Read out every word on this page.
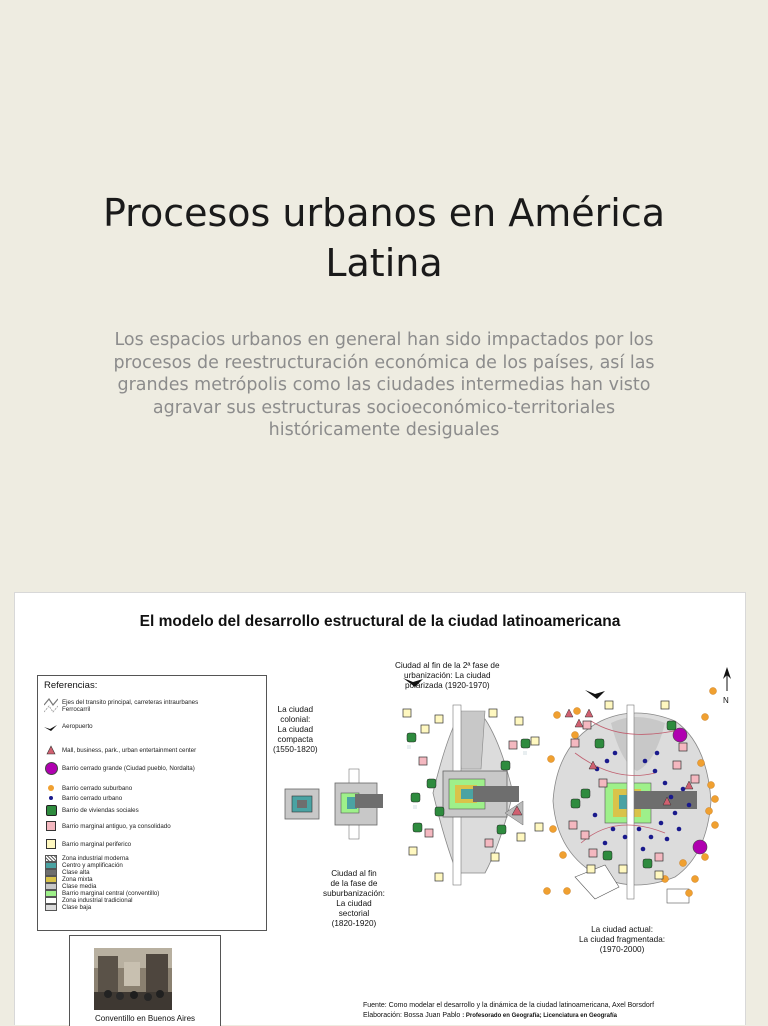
Procesos urbanos en América Latina

Los espacios urbanos en general han sido impactados por los procesos de reestructuración económica de los países, así las grandes metrópolis como las ciudades intermedias han visto agravar sus estructuras socioeconómico-territoriales históricamente desiguales

El modelo del desarrollo estructural de la ciudad latinoamericana
N
Referencias:
Ejes del transito principal, carreteras intraurbanes
Ferrocarril
Aeropuerto
Mall, business, park., urban entertainment center
Barrio cerrado grande (Ciudad pueblo, Nordalta)
Barrio cerrado suburbano
Barrio cerrado urbano
Barrio de viviendas sociales
Barrio marginal antiguo, ya consolidado
Barrio marginal periferico
Zona industrial moderna
Centro y amplificación
Clase alta
Zona mixta
Clase media
Barrio marginal central (conventillo)
Zona industrial tradicional
Clase baja
Conventillo en Buenos Aires
La ciudad
colonial:
La ciudad
compacta
(1550-1820)
Ciudad al fin
de la fase de
suburbanización:
La ciudad
sectorial
(1820-1920)
Ciudad al fin de la 2ª fase de
urbanización: La ciudad
polarizada (1920-1970)
La ciudad actual:
La ciudad fragmentada:
(1970-2000)
Fuente: Como modelar el desarrollo y la dinámica de la ciudad latinoamericana, Axel Borsdorf
Elaboración: Bossa Juan Pablo : Profesorado en Geografía; Licenciatura en Geografía
